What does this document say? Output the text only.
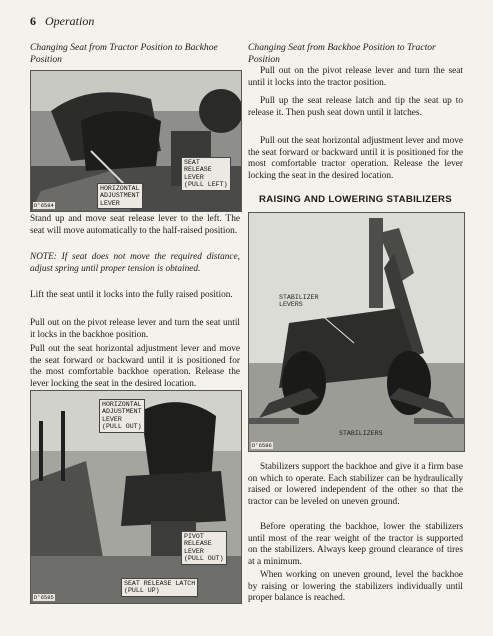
6 Operation
Changing Seat from Tractor Position to Backhoe Position
SEAT
RELEASE
LEVER
(PULL LEFT)
HORIZONTAL
ADJUSTMENT
LEVER
D'6584
Stand up and move seat release lever to the left. The seat will move automatically to the half-raised position.
NOTE: If seat does not move the required distance, adjust spring until proper tension is obtained.
Lift the seat until it locks into the fully raised position.
Pull out on the pivot release lever and turn the seat until it locks in the backhoe position.
Pull out the seat horizontal adjustment lever and move the seat forward or backward until it is positioned for the most comfortable backhoe operation. Release the lever locking the seat in the desired location.
HORIZONTAL
ADJUSTMENT
LEVER
(PULL OUT)
PIVOT
RELEASE
LEVER
(PULL OUT)
SEAT RELEASE LATCH
(PULL UP)
D'6585
Changing Seat from Backhoe Position to Tractor Position
Pull out on the pivot release lever and turn the seat until it locks into the tractor position.
Pull up the seat release latch and tip the seat up to release it. Then push seat down until it latches.
Pull out the seat horizontal adjustment lever and move the seat forward or backward until it is positioned for the most comfortable tractor operation. Release the lever locking the seat in the desired location.
RAISING AND LOWERING STABILIZERS
STABILIZER
LEVERS
STABILIZERS
D'6586
Stabilizers support the backhoe and give it a firm base on which to operate. Each stabilizer can be hydraulically raised or lowered independent of the other so that the tractor can be leveled on uneven ground.
Before operating the backhoe, lower the stabilizers until most of the rear weight of the tractor is supported on the stabilizers. Always keep ground clearance of tires at a minimum.
When working on uneven ground, level the backhoe by raising or lowering the stabilizers individually until proper balance is reached.
